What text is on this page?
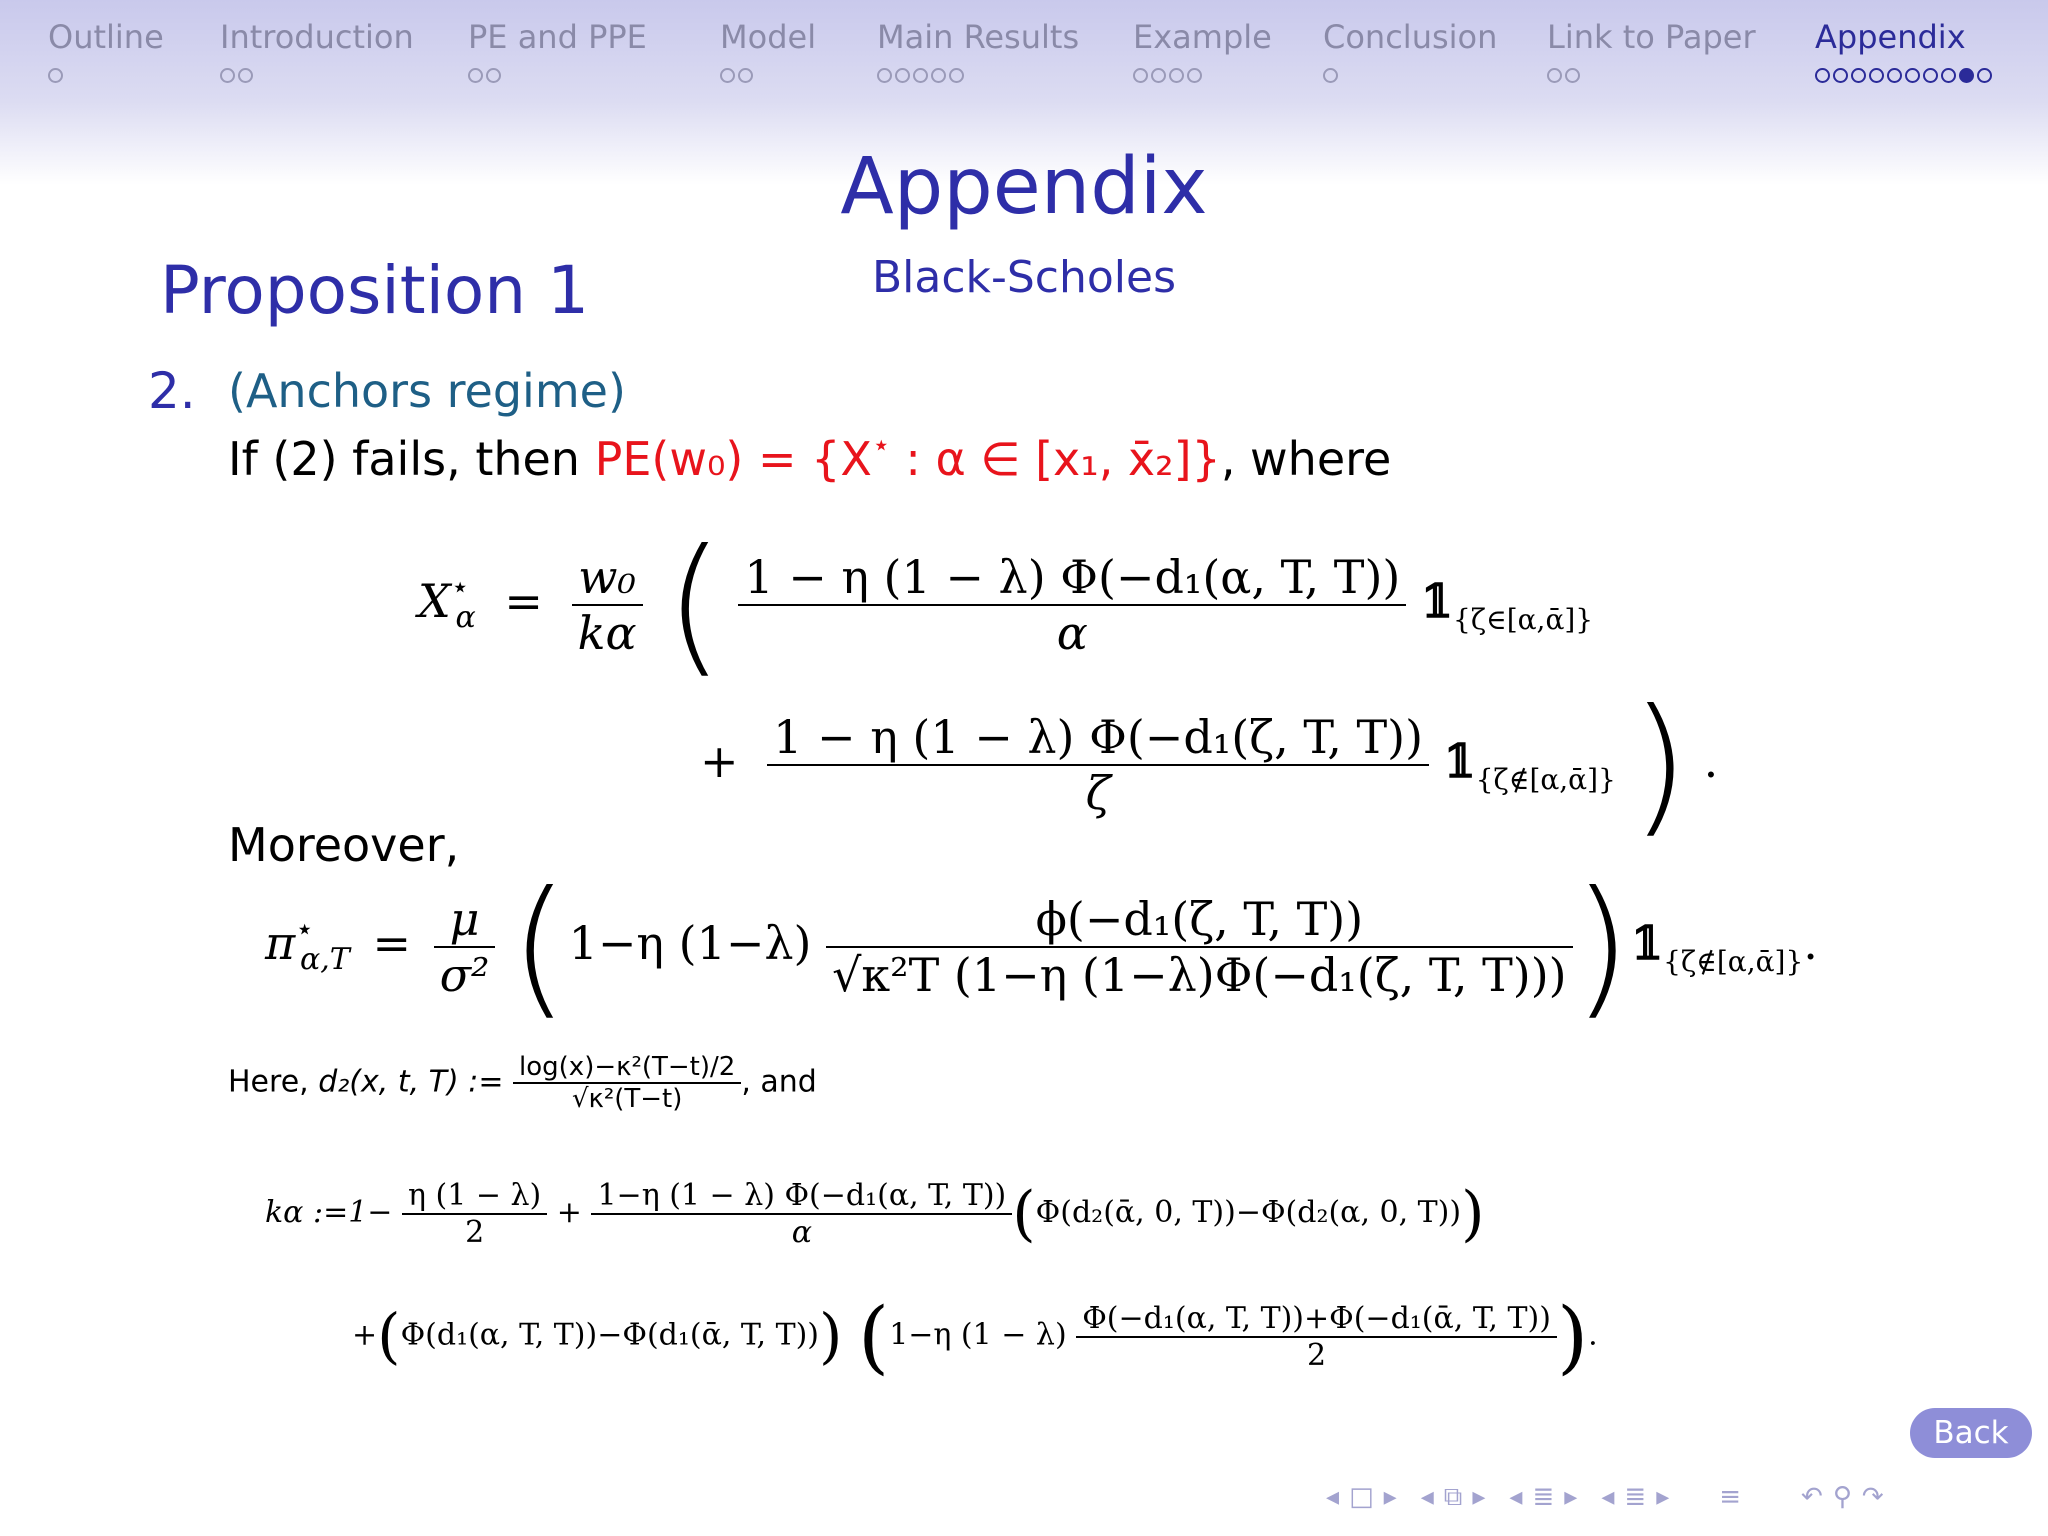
Outline Introduction PE and PPE Model Main Results Example Conclusion Link to Paper Appendix
Appendix
Black-Scholes
Proposition 1
2. (Anchors regime)
If (2) fails, then PE(w₀) = {X⋆ : α ∈ [x₁, x̄₂]}, where
$X^⋆_\alpha = \frac{\text{w₀}}{k\alpha}$ ( $\frac{\text{1 − η (1 − λ) Φ(−d₁(α, T, T))}}{\alpha}$ $𝟙_{\{\zeta\in[\alpha,ᾱ]\}}$
+ $\frac{\text{1 − η (1 − λ) Φ(−d₁(ζ, T, T))}}{\zeta}$ $𝟙_{\{\zeta\notin[\alpha,ᾱ]\}}$ ) .
Moreover,
$\pi^⋆_{\alpha,T} = \frac{\mu}{\text{σ²}} (1-\eta$ $(1-\lambda) \frac{\text{ϕ(−d₁(ζ, T, T))}}{\text{√κ²T (1−η (1−λ)Φ(−d₁(ζ, T, T)))}}$ )$𝟙_{\{\zeta\notin[\alpha,ᾱ]\}}$.
Here, d₂(x, t, T) := $\frac{\text{log(x)−κ²(T−t)/2}}{\text{√κ²(T−t)}}$ , and
kα :=1− $\frac{\eta (1 - \lambda)}{2} + \frac{\text{1−η (1 − λ) Φ(−d₁(α, T, T))}}{\alpha}$ (Φ(d₂(ᾱ, 0, T))−Φ(d₂(α, 0, T)))
+(Φ(d₁(α, T, T))−Φ(d₁(ᾱ, T, T))) (1−η $(1 - \lambda) \frac{\text{Φ(−d₁(α, T, T))+Φ(−d₁(ᾱ, T, T))}}{2}$ ).
Back
◂ □ ▸ ◂ ⧉ ▸ ◂ ≣ ▸ ◂ ≣ ▸ ≡ ↶ ⚲ ↷
